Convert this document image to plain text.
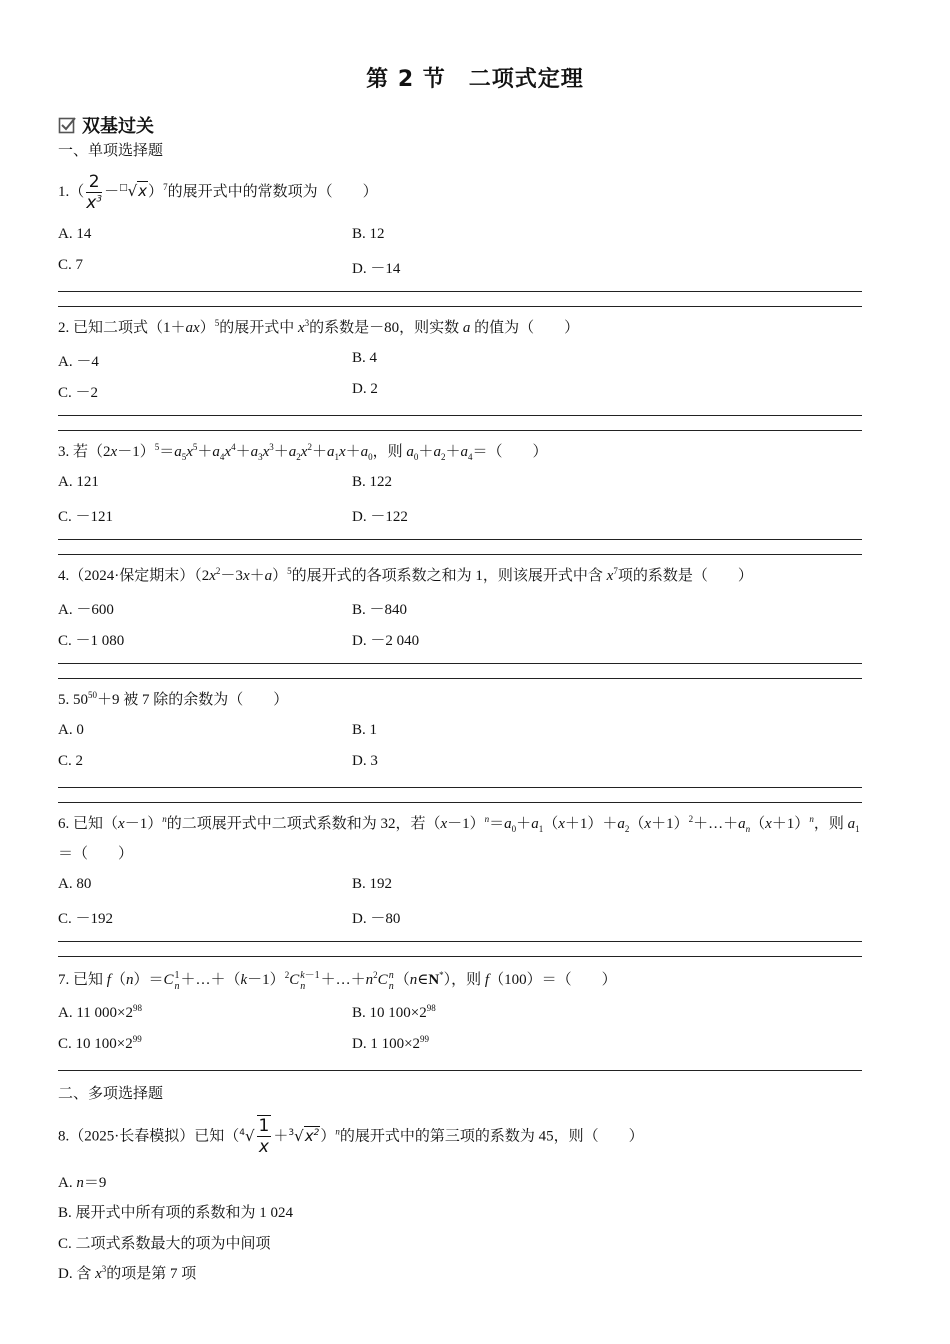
第 2 节　二项式定理
双基过关
一、单项选择题
$1.( \frac{2}{x^3} -^□√x)^7$的展开式中的常数项为（　　）
A. 14	B. 12
C. 7	D. －14
2. 已知二项式$(1+ax)^5$的展开式中 $x^3$的系数是－80，则实数 a 的值为（　　）
A. －4	B. 4
C. －2	D. 2
3. 若$(2x-1)^5=a_5x^5+a_4x^4+a_3x^3+a_2x^2+a_1x+a_0$，则 $a_0+a_2+a_4=$（　　）
A. 121	B. 122
C. －121	D. －122
4.（2024·保定期末）$(2x^2-3x+a)^5$的展开式的各项系数之和为 1，则该展开式中含 $x^7$项的系数是（　　）
A. －600	B. －840
C. －1 080	D. －2 040
5. $50^{50}+9$ 被 7 除的余数为（　　）
A. 0	B. 1
C. 2	D. 3
6. 已知$(x-1)^n$的二项展开式中二项式系数和为 32，若$(x-1)^n=a_0+a_1(x+1)+a_2(x+1)^2+\dots+a_n(x+1)^n$，则 $a_1=$（　　）
A. 80	B. 192
C. －192	D. －80
7. 已知 f（n）＝C 1
$n +\dots+(k-1)^2C$ k－1
n	$+\dots+n^2C$ n
n （n∈N*），则 f（100）＝（　　）
A. 11 $000\times 2^{98}$	B. 10 $100\times 2^{98}$
C. 10 $100\times 2^{99}$	D. 1 $100\times 2^{99}$
二、多项选择题
8.（2025·长春模拟）已知$(^4√ \frac{1}{x} +^3√x^2)^n$的展开式中的第三项的系数为 45，则（　　）
A. n＝9
B. 展开式中所有项的系数和为 1 024
C. 二项式系数最大的项为中间项
D. 含 $x^3$的项是第 7 项
